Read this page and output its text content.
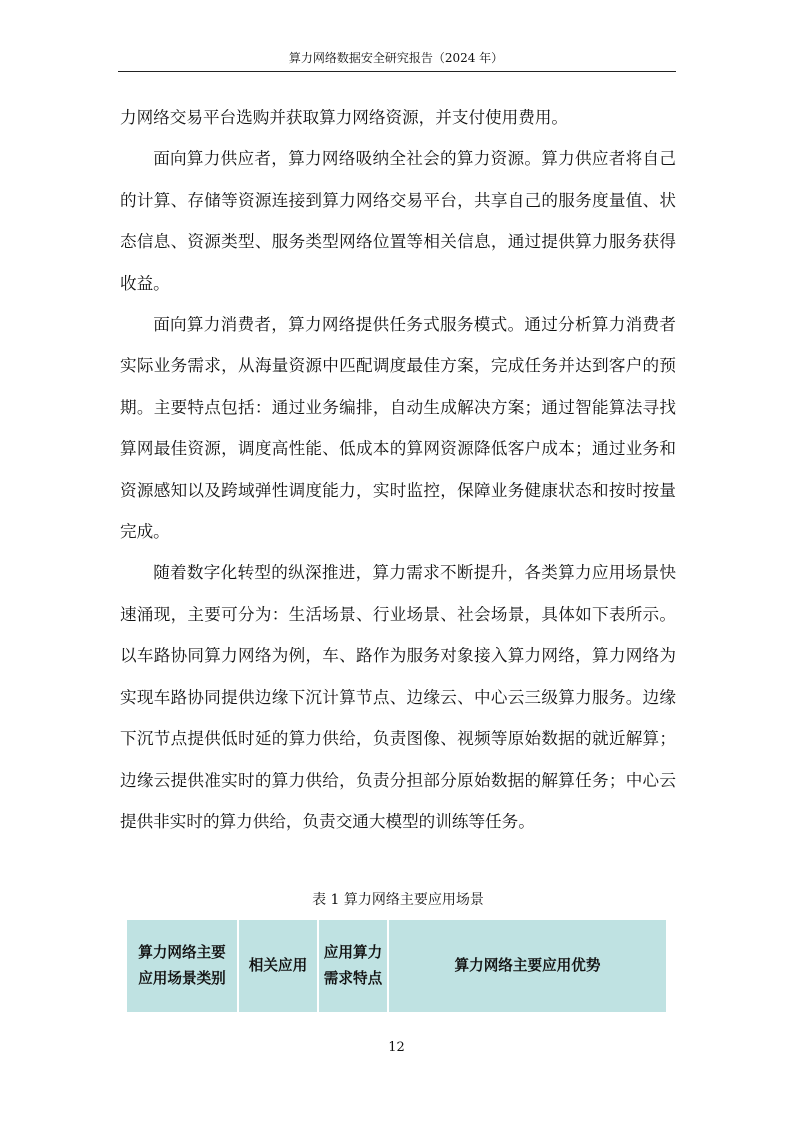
算力网络数据安全研究报告（2024 年）

力网络交易平台选购并获取算力网络资源，并支付使用费用。

面向算力供应者，算力网络吸纳全社会的算力资源。算力供应者将自己的计算、存储等资源连接到算力网络交易平台，共享自己的服务度量值、状态信息、资源类型、服务类型网络位置等相关信息，通过提供算力服务获得收益。

面向算力消费者，算力网络提供任务式服务模式。通过分析算力消费者实际业务需求，从海量资源中匹配调度最佳方案，完成任务并达到客户的预期。主要特点包括：通过业务编排，自动生成解决方案；通过智能算法寻找算网最佳资源，调度高性能、低成本的算网资源降低客户成本；通过业务和资源感知以及跨域弹性调度能力，实时监控，保障业务健康状态和按时按量完成。

随着数字化转型的纵深推进，算力需求不断提升，各类算力应用场景快速涌现，主要可分为：生活场景、行业场景、社会场景，具体如下表所示。以车路协同算力网络为例，车、路作为服务对象接入算力网络，算力网络为实现车路协同提供边缘下沉计算节点、边缘云、中心云三级算力服务。边缘下沉节点提供低时延的算力供给，负责图像、视频等原始数据的就近解算；边缘云提供准实时的算力供给，负责分担部分原始数据的解算任务；中心云提供非实时的算力供给，负责交通大模型的训练等任务。

表 1 算力网络主要应用场景
算力网络主要应用场景类别	相关应用	应用算力需求特点	算力网络主要应用优势
12
